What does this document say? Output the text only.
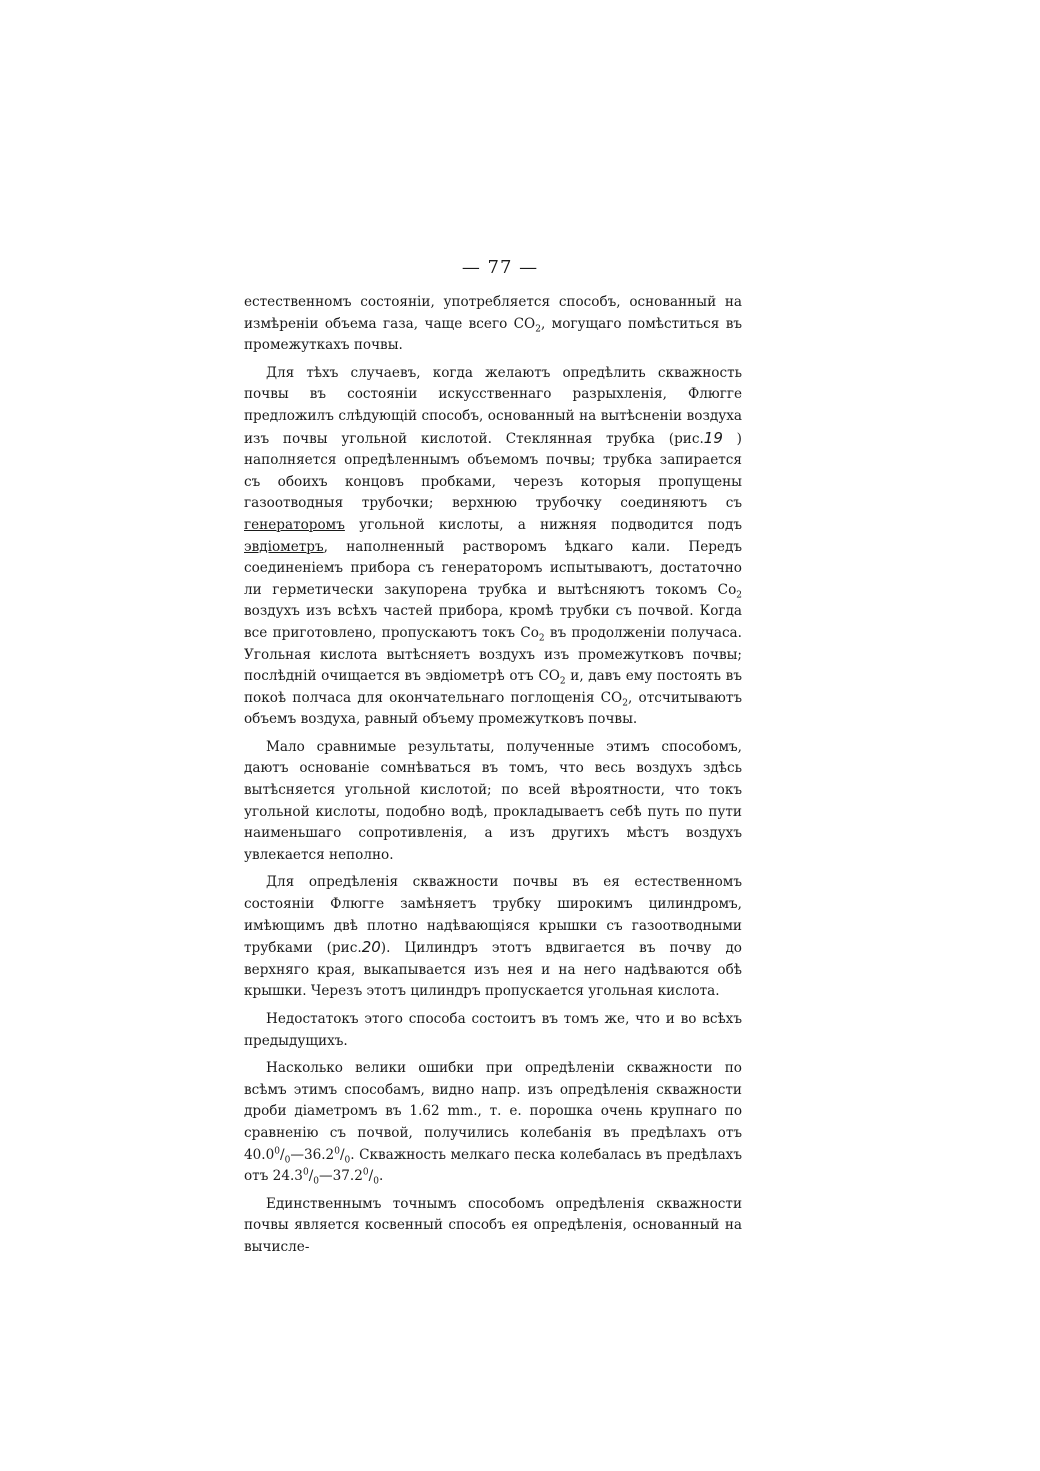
— 77 —

естественномъ состоянiи, употребляется способъ, основанный на измѣренiи объема газа, чаще всего $CO_2$, могущаго помѣститься въ промежуткахъ почвы.

Для тѣхъ случаевъ, когда желаютъ опредѣлить скважность почвы въ состоянiи искусственнаго разрыхленiя, Флюгге предложилъ слѣдующiй способъ, основанный на вытѣсненiи воздуха изъ почвы угольной кислотой. Стеклянная трубка (рис.19 ) наполняется опредѣленнымъ объемомъ почвы; трубка запирается съ обоихъ концовъ пробками, черезъ которыя пропущены газоотводныя трубочки; верхнюю трубочку соединяютъ съ генераторомъ угольной кислоты, а нижняя подводится подъ эвдiометръ, наполненный растворомъ ѣдкаго кали. Передъ соединенiемъ прибора съ генераторомъ испытываютъ, достаточно ли герметически закупорена трубка и вытѣсняютъ токомъ $Co_2$ воздухъ изъ всѣхъ частей прибора, кромѣ трубки съ почвой. Когда все приготовлено, пропускаютъ токъ $Co_2$ въ продолженiи получаса. Угольная кислота вытѣсняетъ воздухъ изъ промежутковъ почвы; послѣднiй очищается въ эвдiометрѣ отъ $CO_2$ и, давъ ему постоять въ покоѣ полчаса для окончательнаго поглощенiя $CO_2$, отсчитываютъ объемъ воздуха, равный объему промежутковъ почвы.

Мало сравнимые результаты, полученные этимъ способомъ, даютъ основанiе сомнѣваться въ томъ, что весь воздухъ здѣсь вытѣсняется угольной кислотой; по всей вѣроятности, что токъ угольной кислоты, подобно водѣ, прокладываетъ себѣ путь по пути наименьшаго сопротивленiя, а изъ другихъ мѣстъ воздухъ увлекается неполно.

Для опредѣленiя скважности почвы въ ея естественномъ состоянiи Флюгге замѣняетъ трубку широкимъ цилиндромъ, имѣющимъ двѣ плотно надѣвающiяся крышки съ газоотводными трубками (рис.20). Цилиндръ этотъ вдвигается въ почву до верхняго края, выкапывается изъ нея и на него надѣваются обѣ крышки. Черезъ этотъ цилиндръ пропускается угольная кислота.

Недостатокъ этого способа состоитъ въ томъ же, что и во всѣхъ предыдущихъ.

Насколько велики ошибки при опредѣленiи скважности по всѣмъ этимъ способамъ, видно напр. изъ опредѣленiя скважности дроби дiаметромъ въ 1.62 mm., т. е. порошка очень крупнаго по сравненiю съ почвой, получились колебанiя въ предѣлахъ отъ $40.0^0/_0—36.2^0/_0$. Скважность мелкаго песка колебалась въ предѣлахъ отъ $24.3^0/_0—37.2^0/_0$.

Единственнымъ точнымъ способомъ опредѣленiя скважности почвы является косвенный способъ ея опредѣленiя, основанный на вычисле-
